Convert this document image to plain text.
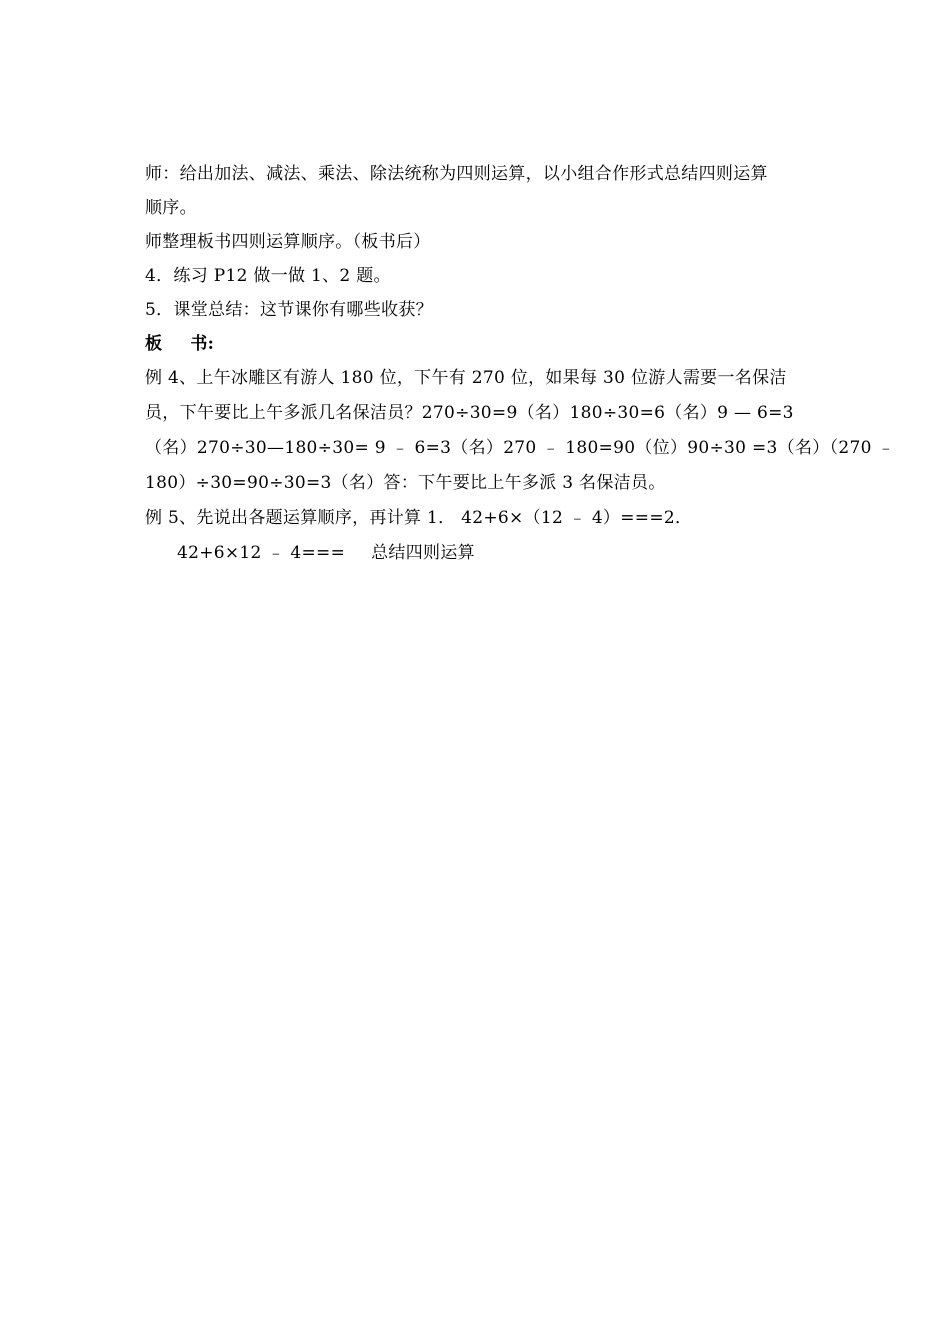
师：给出加法、减法、乘法、除法统称为四则运算，以小组合作形式总结四则运算
顺序。
师整理板书四则运算顺序。（板书后）
4．练习 P12 做一做 1、2 题。
5．课堂总结：这节课你有哪些收获？
板 书:
例 4、上午冰雕区有游人 180 位，下午有 270 位，如果每 30 位游人需要一名保洁
员，下午要比上午多派几名保洁员？270÷30=9（名）180÷30=6（名）9 — 6=3
（名）270÷30—180÷30= 9 ﹣ 6=3（名）270 ﹣ 180=90（位）90÷30 =3（名）（270 ﹣
180）÷30=90÷30=3（名）答：下午要比上午多派 3 名保洁员。
例 5、先说出各题运算顺序，再计算 1． 42+6×（12 ﹣ 4）===2．
42+6×12 ﹣ 4=== 总结四则运算
